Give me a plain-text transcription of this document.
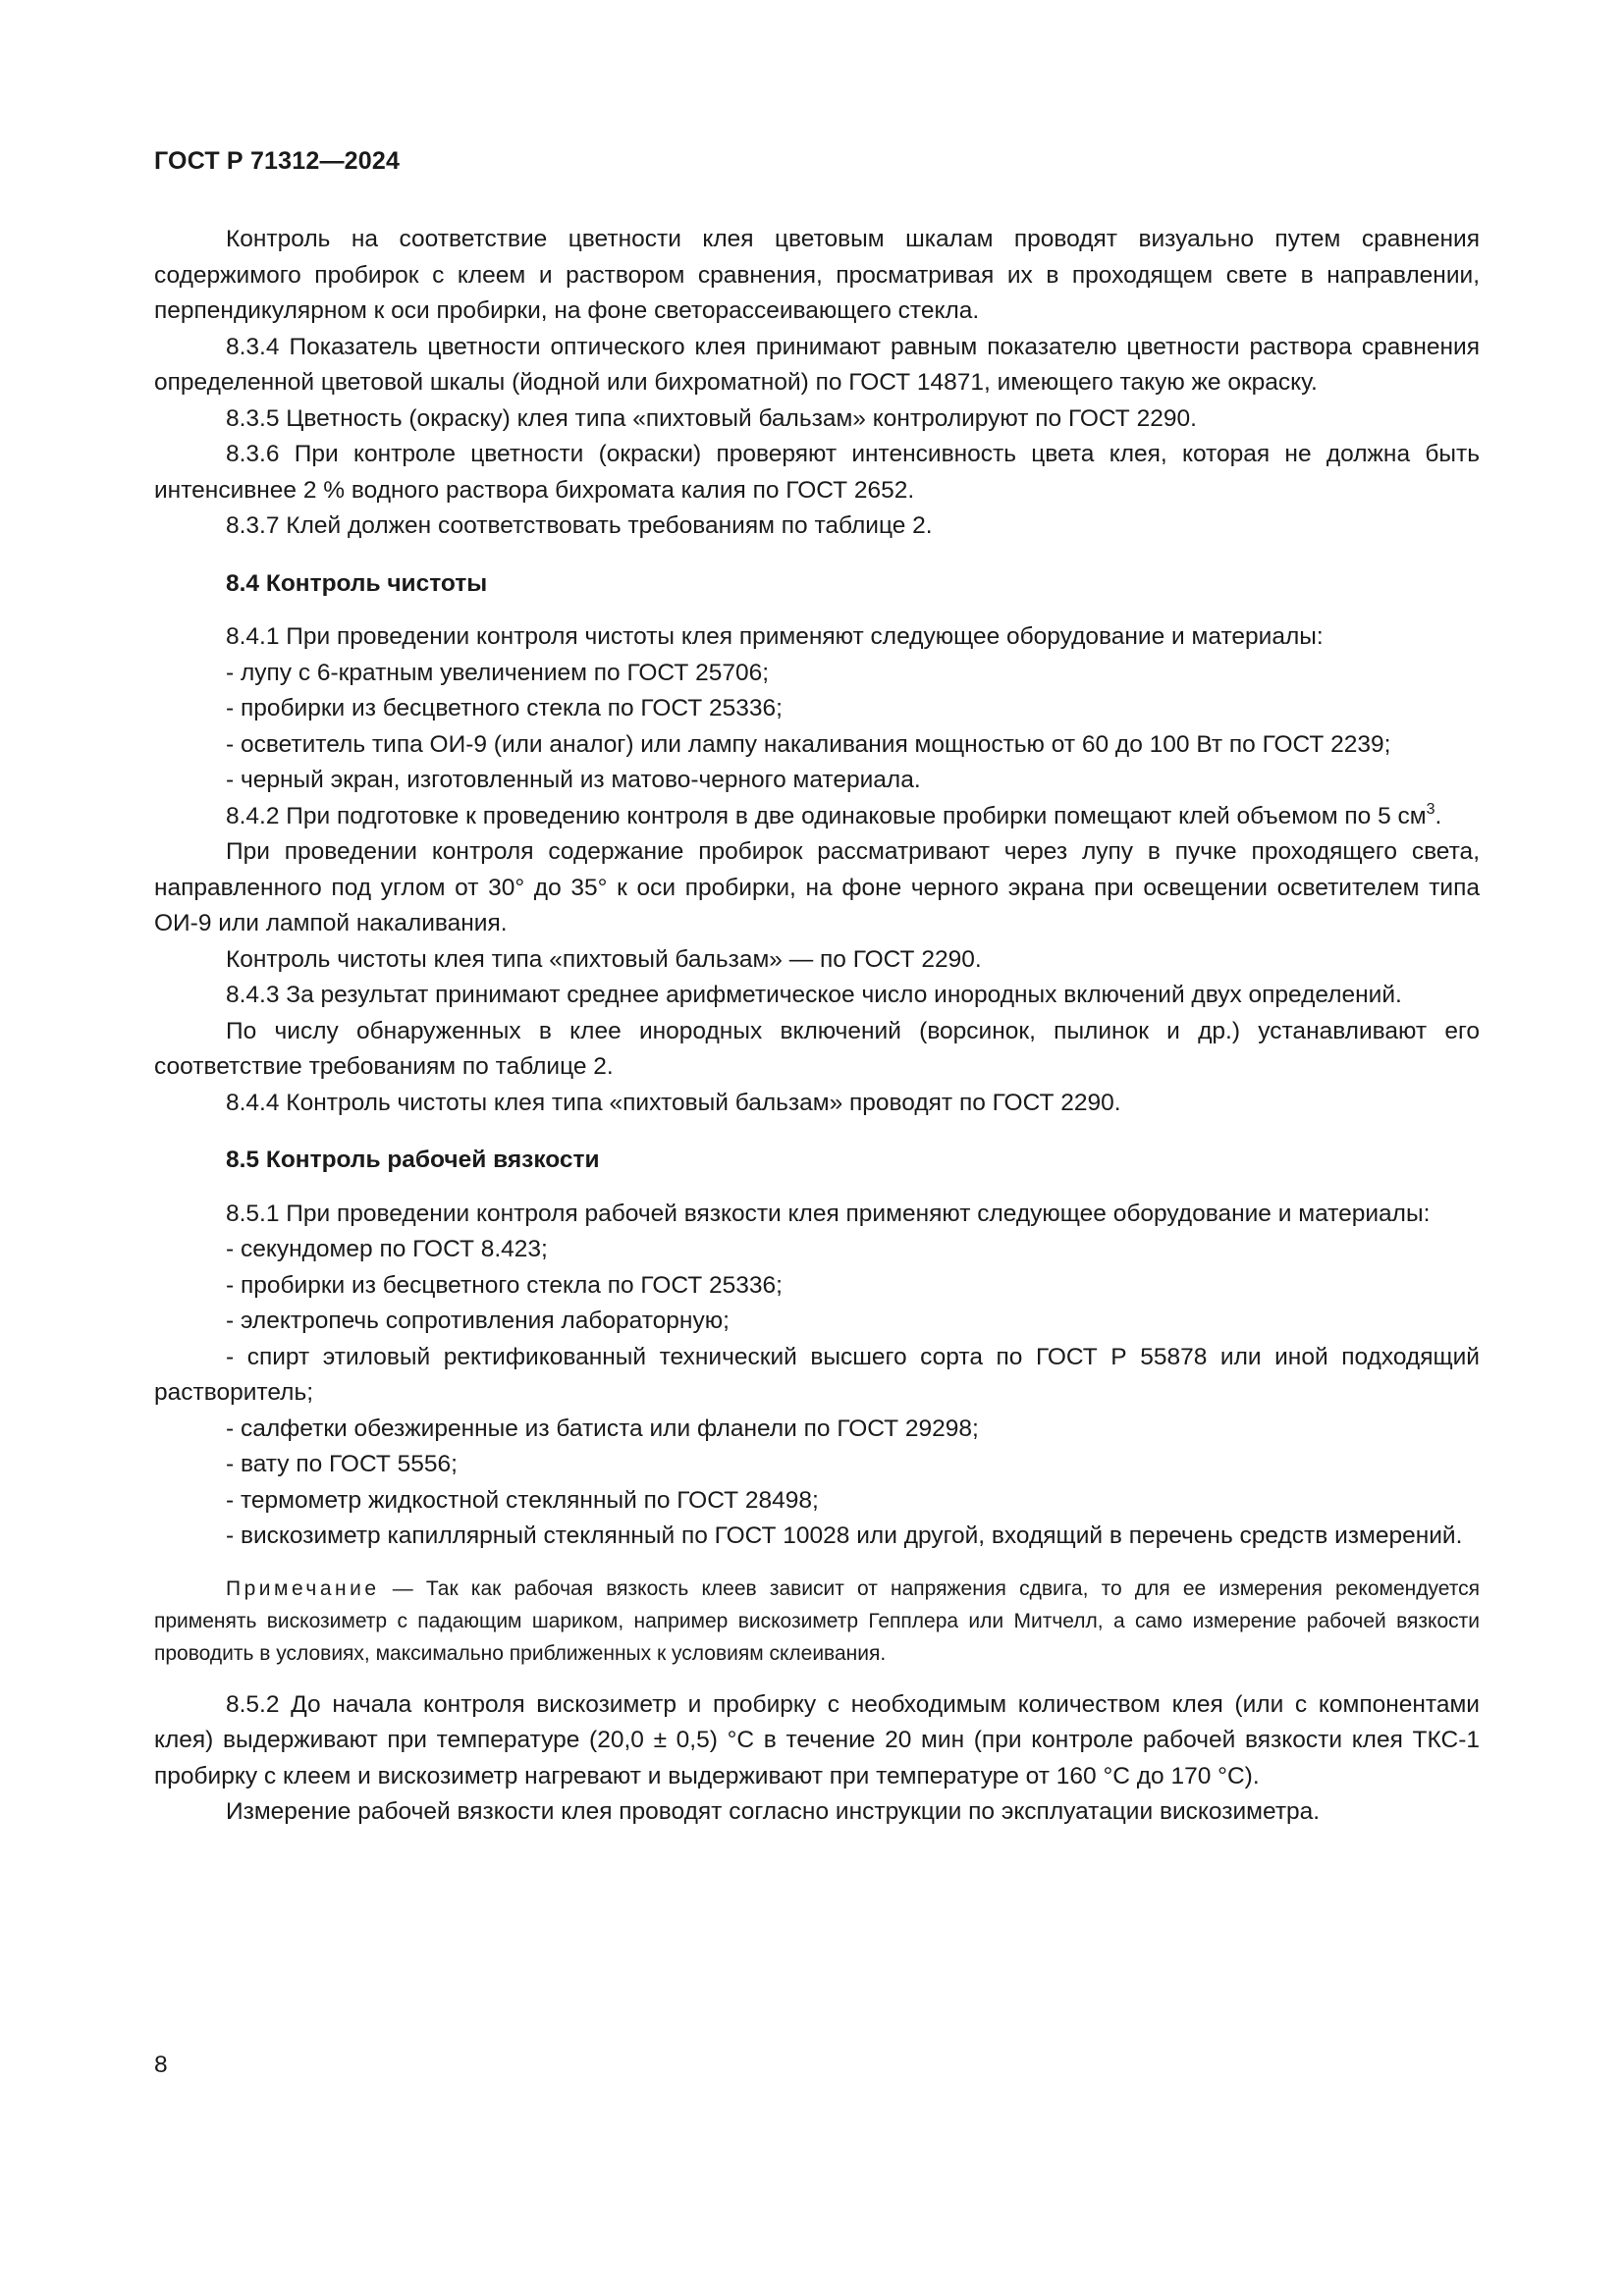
ГОСТ Р 71312—2024

Контроль на соответствие цветности клея цветовым шкалам проводят визуально путем сравнения содержимого пробирок с клеем и раствором сравнения, просматривая их в проходящем свете в направлении, перпендикулярном к оси пробирки, на фоне светорассеивающего стекла.

8.3.4 Показатель цветности оптического клея принимают равным показателю цветности раствора сравнения определенной цветовой шкалы (йодной или бихроматной) по ГОСТ 14871, имеющего такую же окраску.

8.3.5 Цветность (окраску) клея типа «пихтовый бальзам» контролируют по ГОСТ 2290.

8.3.6 При контроле цветности (окраски) проверяют интенсивность цвета клея, которая не должна быть интенсивнее 2 % водного раствора бихромата калия по ГОСТ 2652.

8.3.7 Клей должен соответствовать требованиям по таблице 2.

8.4 Контроль чистоты

8.4.1 При проведении контроля чистоты клея применяют следующее оборудование и материалы:

- лупу с 6-кратным увеличением по ГОСТ 25706;

- пробирки из бесцветного стекла по ГОСТ 25336;

- осветитель типа ОИ-9 (или аналог) или лампу накаливания мощностью от 60 до 100 Вт по ГОСТ 2239;

- черный экран, изготовленный из матово-черного материала.

8.4.2 При подготовке к проведению контроля в две одинаковые пробирки помещают клей объемом по 5 $см^3$.

При проведении контроля содержание пробирок рассматривают через лупу в пучке проходящего света, направленного под углом от 30° до 35° к оси пробирки, на фоне черного экрана при освещении осветителем типа ОИ-9 или лампой накаливания.

Контроль чистоты клея типа «пихтовый бальзам» — по ГОСТ 2290.

8.4.3 За результат принимают среднее арифметическое число инородных включений двух определений.

По числу обнаруженных в клее инородных включений (ворсинок, пылинок и др.) устанавливают его соответствие требованиям по таблице 2.

8.4.4 Контроль чистоты клея типа «пихтовый бальзам» проводят по ГОСТ 2290.

8.5 Контроль рабочей вязкости

8.5.1 При проведении контроля рабочей вязкости клея применяют следующее оборудование и материалы:

- секундомер по ГОСТ 8.423;

- пробирки из бесцветного стекла по ГОСТ 25336;

- электропечь сопротивления лабораторную;

- спирт этиловый ректификованный технический высшего сорта по ГОСТ Р 55878 или иной подходящий растворитель;

- салфетки обезжиренные из батиста или фланели по ГОСТ 29298;

- вату по ГОСТ 5556;

- термометр жидкостной стеклянный по ГОСТ 28498;

- вискозиметр капиллярный стеклянный по ГОСТ 10028 или другой, входящий в перечень средств измерений.

Примечание — Так как рабочая вязкость клеев зависит от напряжения сдвига, то для ее измерения рекомендуется применять вискозиметр с падающим шариком, например вискозиметр Гепплера или Митчелл, а само измерение рабочей вязкости проводить в условиях, максимально приближенных к условиям склеивания.

8.5.2 До начала контроля вискозиметр и пробирку с необходимым количеством клея (или с компонентами клея) выдерживают при температуре (20,0 ± 0,5) °С в течение 20 мин (при контроле рабочей вязкости клея ТКС-1 пробирку с клеем и вискозиметр нагревают и выдерживают при температуре от 160 °С до 170 °С).

Измерение рабочей вязкости клея проводят согласно инструкции по эксплуатации вискозиметра.

8
